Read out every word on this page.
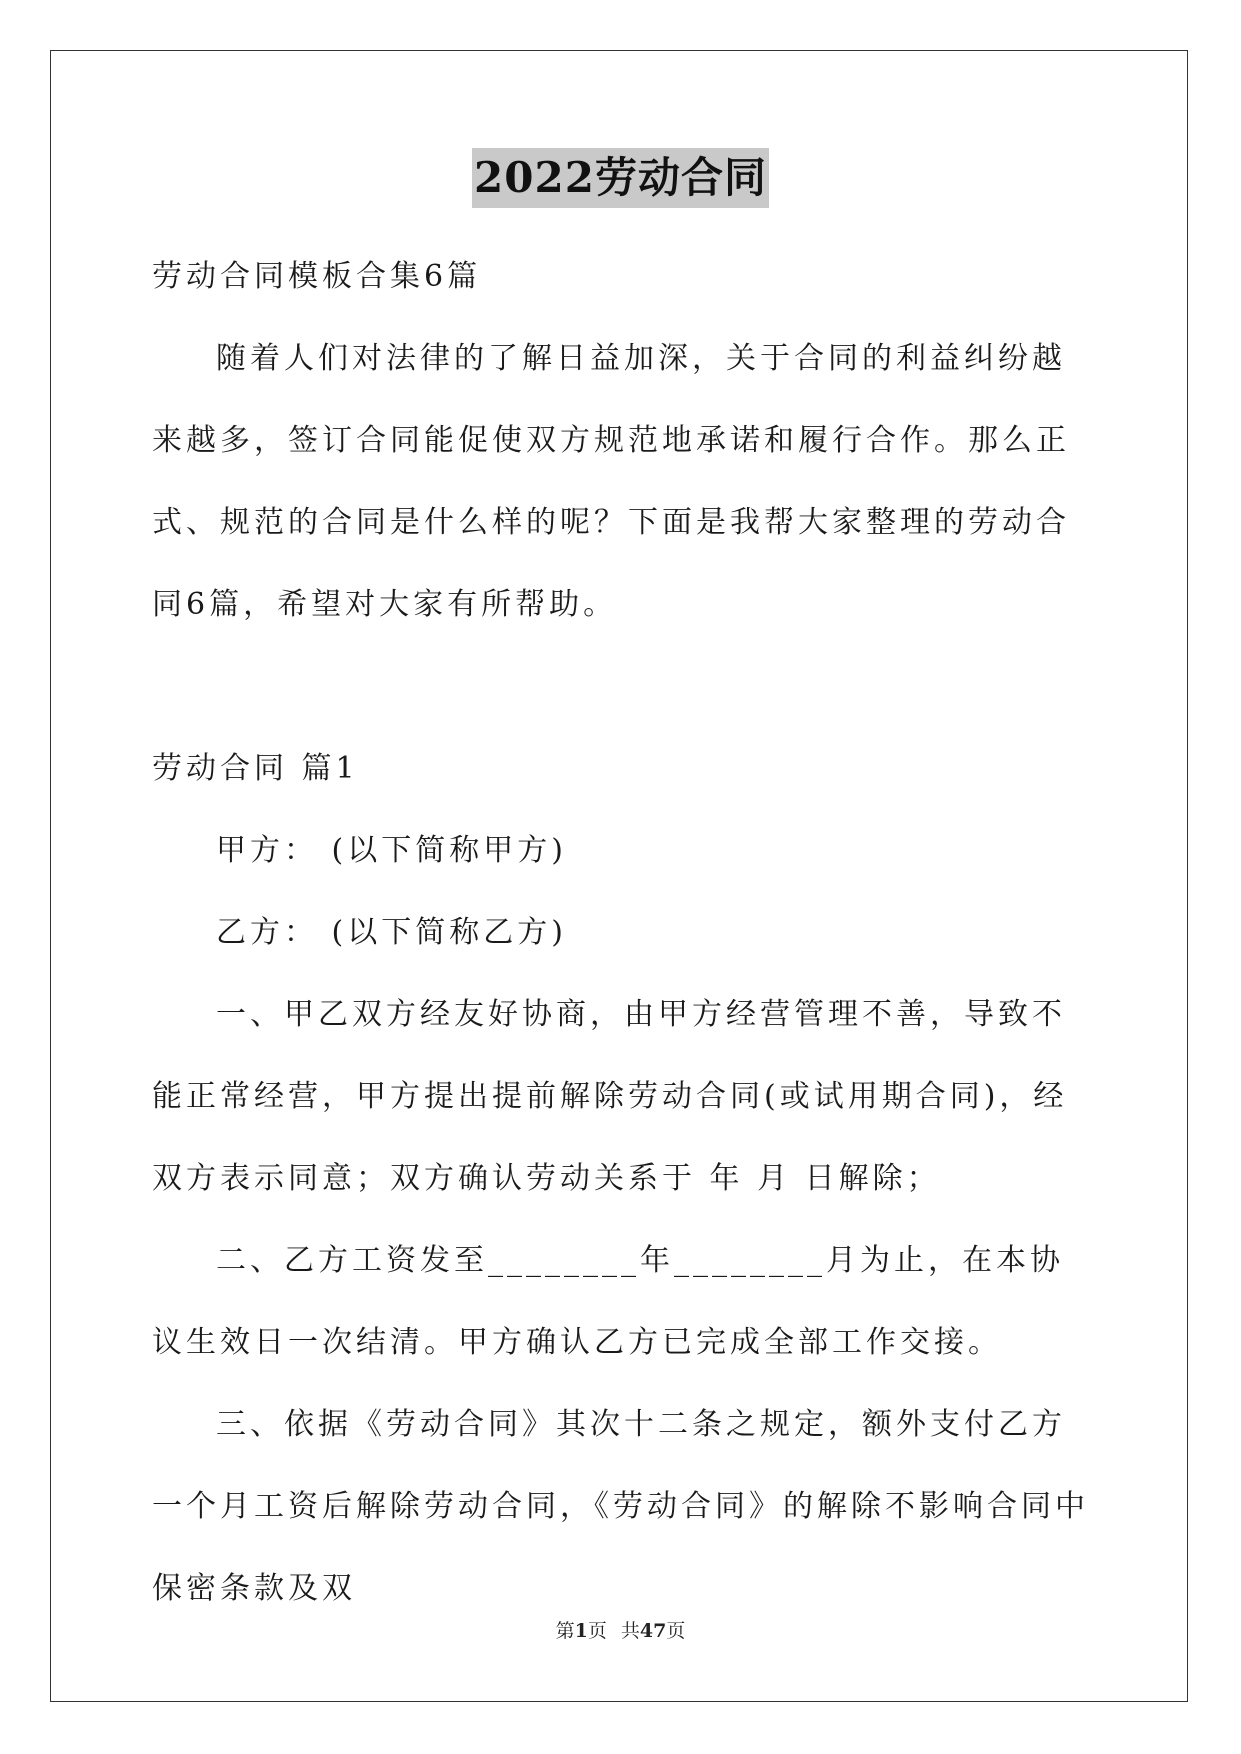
2022劳动合同

劳动合同模板合集6篇

随着人们对法律的了解日益加深，关于合同的利益纠纷越来越多，签订合同能促使双方规范地承诺和履行合作。那么正式、规范的合同是什么样的呢？下面是我帮大家整理的劳动合同6篇，希望对大家有所帮助。

劳动合同 篇1

甲方： (以下简称甲方)

乙方： (以下简称乙方)

一、甲乙双方经友好协商，由甲方经营管理不善，导致不能正常经营，甲方提出提前解除劳动合同(或试用期合同)，经双方表示同意；双方确认劳动关系于 年 月 日解除；

二、乙方工资发至________年________月为止，在本协议生效日一次结清。甲方确认乙方已完成全部工作交接。

三、依据《劳动合同》其次十二条之规定，额外支付乙方一个月工资后解除劳动合同，《劳动合同》的解除不影响合同中保密条款及双

第1页 共47页
